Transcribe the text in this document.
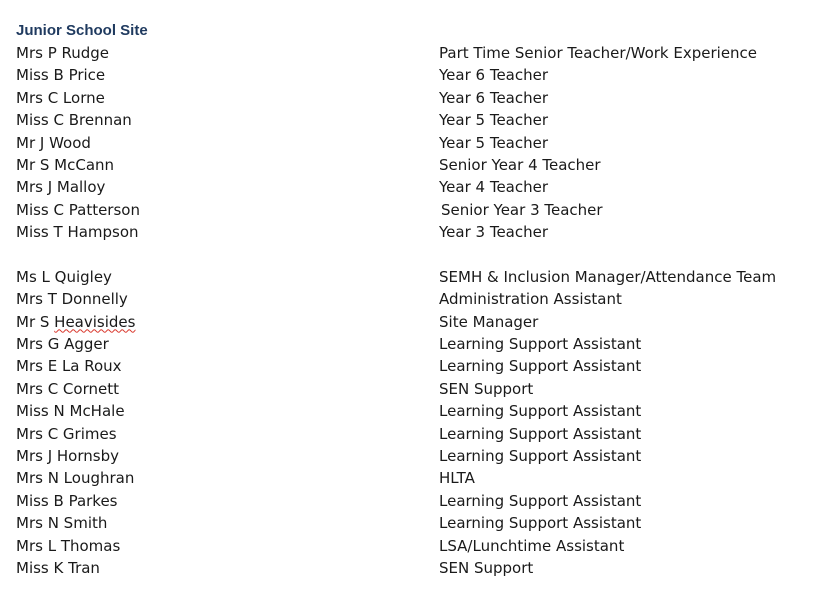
Junior School Site
Mrs P Rudge	Part Time Senior Teacher/Work Experience
Miss B Price	Year 6 Teacher
Mrs C Lorne	Year 6 Teacher
Miss C Brennan	Year 5 Teacher
Mr J Wood	Year 5 Teacher
Mr S McCann	Senior Year 4 Teacher
Mrs J Malloy	Year 4 Teacher
Miss C Patterson	Senior Year 3 Teacher
Miss T Hampson	Year 3 Teacher
Ms L Quigley	SEMH & Inclusion Manager/Attendance Team
Mrs T Donnelly	Administration Assistant
Mr S Heavisides	Site Manager
Mrs G Agger	Learning Support Assistant
Mrs E La Roux	Learning Support Assistant
Mrs C Cornett	SEN Support
Miss N McHale	Learning Support Assistant
Mrs C Grimes	Learning Support Assistant
Mrs J Hornsby	Learning Support Assistant
Mrs N Loughran	HLTA
Miss B Parkes	Learning Support Assistant
Mrs N Smith	Learning Support Assistant
Mrs L Thomas	LSA/Lunchtime Assistant
Miss K Tran	SEN Support
